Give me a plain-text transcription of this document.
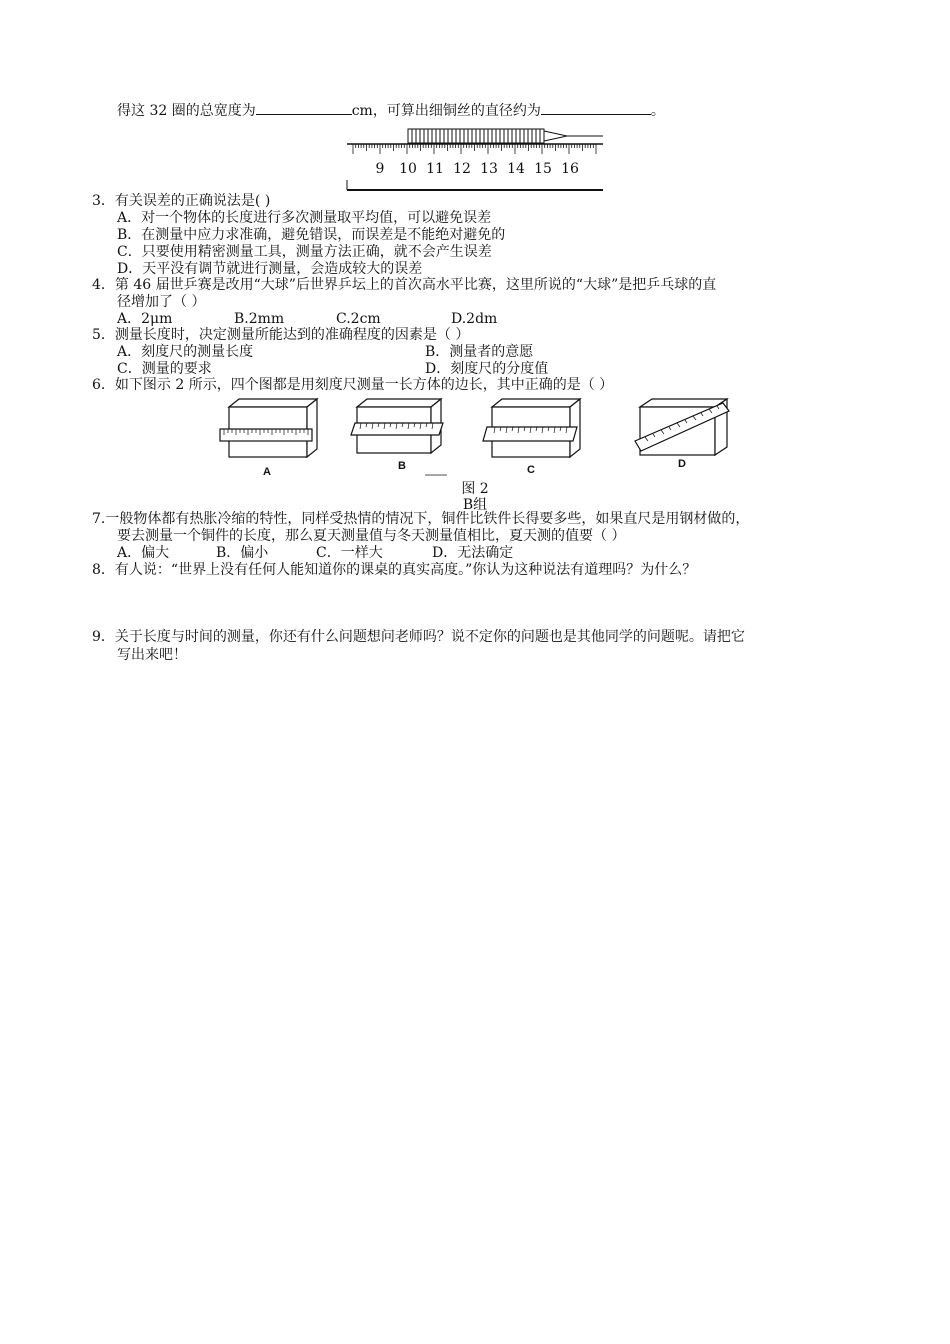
得这 32 圈的总宽度为	cm，可算出细铜丝的直径约为	。
9 10 11 12 13 14 15 16
3．有关误差的正确说法是( )
A．对一个物体的长度进行多次测量取平均值，可以避免误差
B．在测量中应力求准确，避免错误，而误差是不能绝对避免的
C．只要使用精密测量工具，测量方法正确，就不会产生误差
D．天平没有调节就进行测量，会造成较大的误差
4．第 46 届世乒赛是改用“大球”后世界乒坛上的首次高水平比赛，这里所说的“大球”是把乒乓球的直
径增加了（ ）
A．2μm	B.2mm	C.2cm	D.2dm
5．测量长度时，决定测量所能达到的准确程度的因素是（ ）
A．刻度尺的测量长度	B．测量者的意愿
C．测量的要求	D．刻度尺的分度值
6．如下图示 2 所示，四个图都是用刻度尺测量一长方体的边长，其中正确的是（ ）
A	B	C	D
图 2
B组
7.一般物体都有热胀冷缩的特性，同样受热情的情况下，铜件比铁件长得要多些，如果直尺是用钢材做的，
要去测量一个铜件的长度，那么夏天测量值与冬天测量值相比，夏天测的值要（ ）
A．偏大	B．偏小	C．一样大	D．无法确定
8．有人说：“世界上没有任何人能知道你的课桌的真实高度。”你认为这种说法有道理吗？为什么？
9．关于长度与时间的测量，你还有什么问题想问老师吗？说不定你的问题也是其他同学的问题呢。请把它
写出来吧！
